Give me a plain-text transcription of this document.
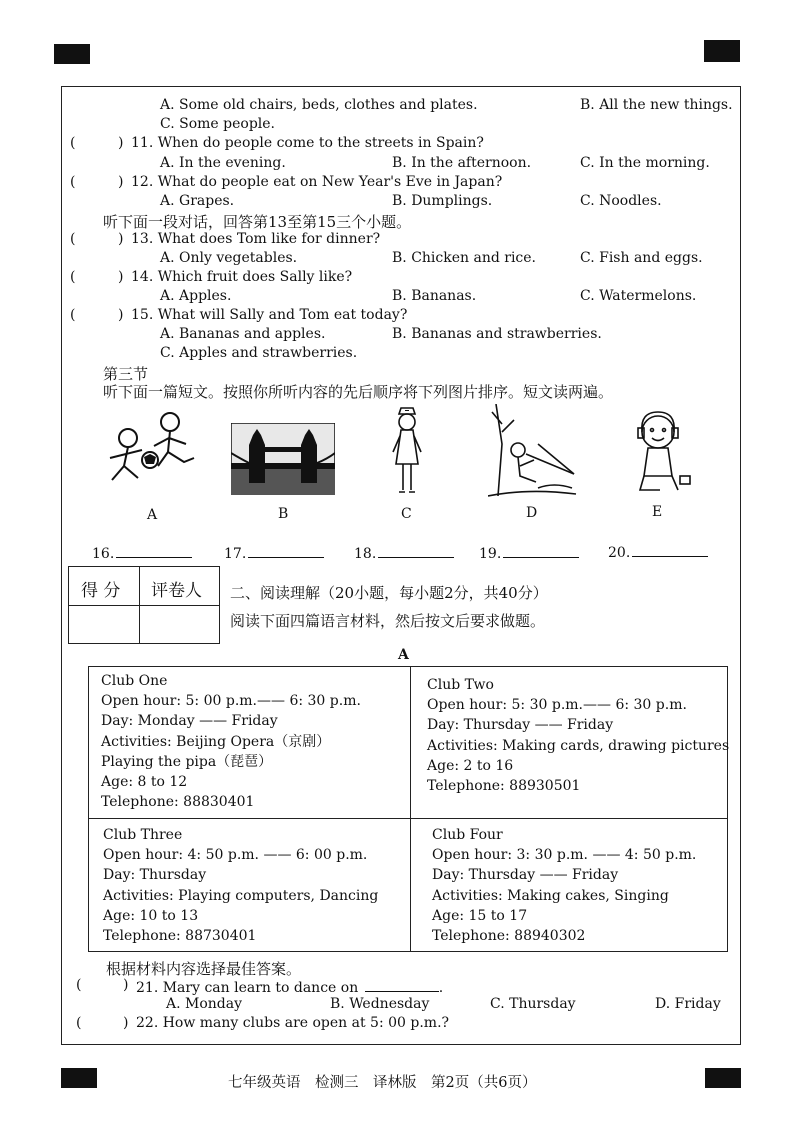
A. Some old chairs, beds, clothes and plates.	B. All the new things.
C. Some people.
(	) 11. When do people come to the streets in Spain?
A. In the evening.	B. In the afternoon.	C. In the morning.
(	) 12. What do people eat on New Year's Eve in Japan?
A. Grapes.	B. Dumplings.	C. Noodles.
听下面一段对话，回答第13至第15三个小题。
(	) 13. What does Tom like for dinner?
A. Only vegetables.	B. Chicken and rice.	C. Fish and eggs.
(	) 14. Which fruit does Sally like?
A. Apples.	B. Bananas.	C. Watermelons.
(	) 15. What will Sally and Tom eat today?
A. Bananas and apples.	B. Bananas and strawberries.
C. Apples and strawberries.
第三节
听下面一篇短文。按照你所听内容的先后顺序将下列图片排序。短文读两遍。
A	B	C	D	E
16.	17.	18.	19.	20.
得 分 评卷人 二、阅读理解（20小题，每小题2分，共40分）
阅读下面四篇语言材料，然后按文后要求做题。
A
Club One
Open hour: 5: 00 p.m.—— 6: 30 p.m.
Day: Monday —— Friday
Activities: Beijing Opera（京剧）
Playing the pipa（琵琶）
Age: 8 to 12
Telephone: 88830401
Club Two
Open hour: 5: 30 p.m.—— 6: 30 p.m.
Day: Thursday —— Friday
Activities: Making cards, drawing pictures
Age: 2 to 16
Telephone: 88930501
Club Three
Open hour: 4: 50 p.m. —— 6: 00 p.m.
Day: Thursday
Activities: Playing computers, Dancing
Age: 10 to 13
Telephone: 88730401
Club Four
Open hour: 3: 30 p.m. —— 4: 50 p.m.
Day: Thursday —— Friday
Activities: Making cakes, Singing
Age: 15 to 17
Telephone: 88940302
根据材料内容选择最佳答案。
(	) 21. Mary can learn to dance on	.
A. Monday	B. Wednesday	C. Thursday	D. Friday
(	) 22. How many clubs are open at 5: 00 p.m.?
七年级英语　检测三　译林版　第2页（共6页）
